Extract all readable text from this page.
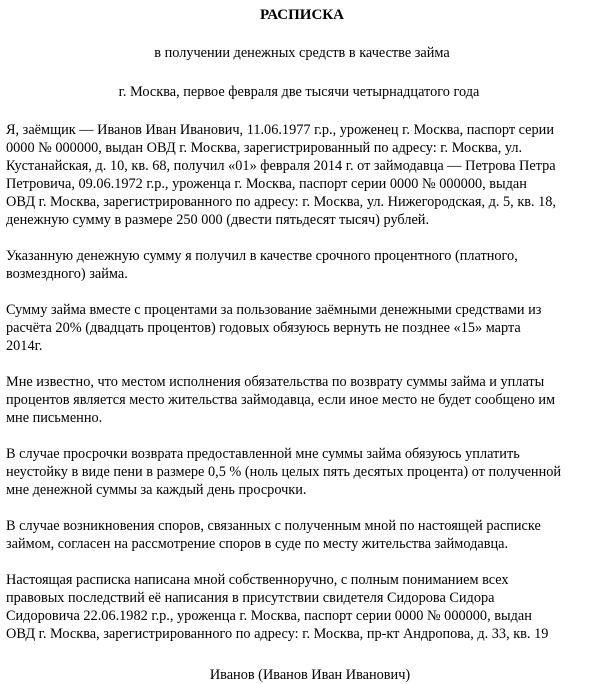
РАСПИСКА
в получении денежных средств в качестве займа
г. Москва, первое февраля две тысячи четырнадцатого года
Я, заёмщик — Иванов Иван Иванович, 11.06.1977 г.р., уроженец г. Москва, паспорт серии
0000 № 000000, выдан ОВД г. Москва, зарегистрированный по адресу: г. Москва, ул.
Кустанайская, д. 10, кв. 68, получил «01» февраля 2014 г. от займодавца — Петрова Петра
Петровича, 09.06.1972 г.р., уроженца г. Москва, паспорт серии 0000 № 000000, выдан
ОВД г. Москва, зарегистрированного по адресу: г. Москва, ул. Нижегородская, д. 5, кв. 18,
денежную сумму в размере 250 000 (двести пятьдесят тысяч) рублей.
Указанную денежную сумму я получил в качестве срочного процентного (платного,
возмездного) займа.
Сумму займа вместе с процентами за пользование заёмными денежными средствами из
расчёта 20% (двадцать процентов) годовых обязуюсь вернуть не позднее «15» марта
2014г.
Мне известно, что местом исполнения обязательства по возврату суммы займа и уплаты
процентов является место жительства займодавца, если иное место не будет сообщено им
мне письменно.
В случае просрочки возврата предоставленной мне суммы займа обязуюсь уплатить
неустойку в виде пени в размере 0,5 % (ноль целых пять десятых процента) от полученной
мне денежной суммы за каждый день просрочки.
В случае возникновения споров, связанных с полученным мной по настоящей расписке
займом, согласен на рассмотрение споров в суде по месту жительства займодавца.
Настоящая расписка написана мной собственноручно, с полным пониманием всех
правовых последствий её написания в присутствии свидетеля Сидорова Сидора
Сидоровича 22.06.1982 г.р., уроженца г. Москва, паспорт серии 0000 № 000000, выдан
ОВД г. Москва, зарегистрированного по адресу: г. Москва, пр-кт Андропова, д. 33, кв. 19
Иванов (Иванов Иван Иванович)
